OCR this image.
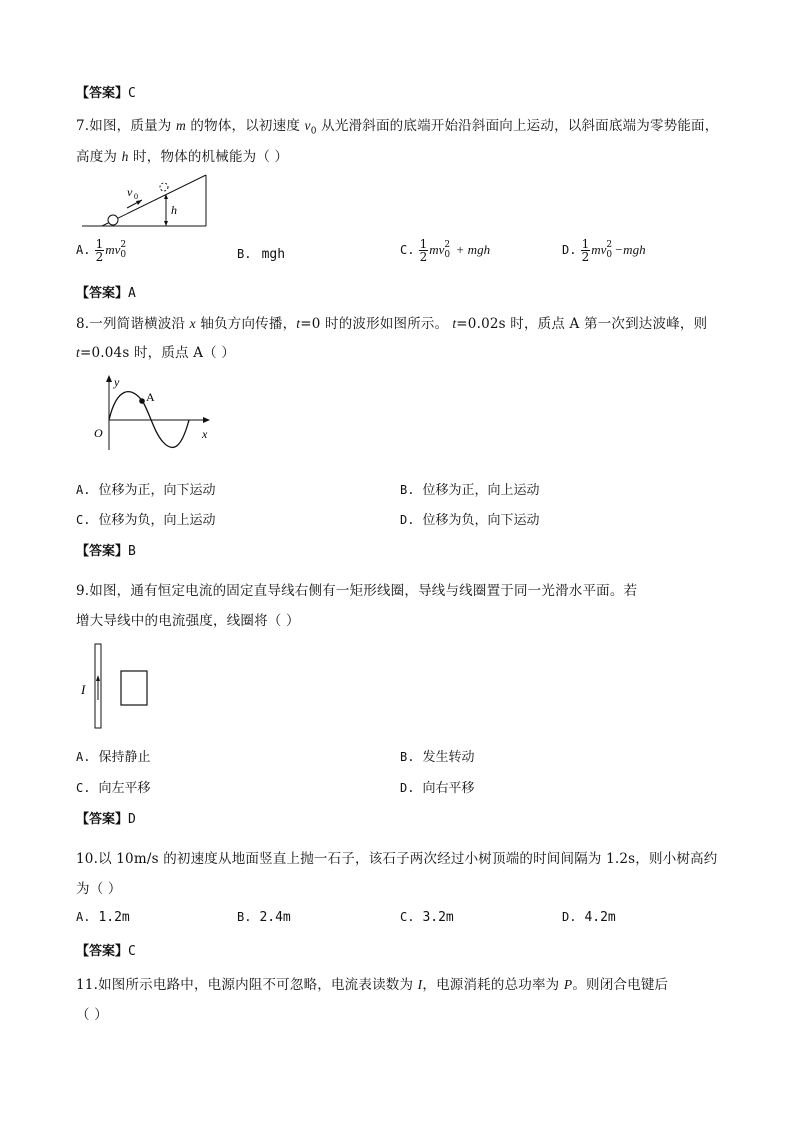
【答案】C
7.如图，质量为 m 的物体，以初速度 $v_0$ 从光滑斜面的底端开始沿斜面向上运动，以斜面底端为零势能面，
高度为 h 时，物体的机械能为（ ）
v 0
h
A. $\frac{1}{2}$ mv 2
0	B. mgh	C. $\frac{1}{2}$ mv 2
0 + mgh	D. $\frac{1}{2}$ mv 2
0 −mgh
【答案】A
8.一列简谐横波沿 x 轴负方向传播，t=0 时的波形如图所示。 t=0.02s 时，质点 A 第一次到达波峰，则
t=0.04s 时，质点 A（ ）
A
y
x
O
A. 位移为正，向下运动	B. 位移为正，向上运动
C. 位移为负，向上运动	D. 位移为负，向下运动
【答案】B
9.如图，通有恒定电流的固定直导线右侧有一矩形线圈，导线与线圈置于同一光滑水平面。若
增大导线中的电流强度，线圈将（ ）
I
A. 保持静止	B. 发生转动
C. 向左平移	D. 向右平移
【答案】D
10.以 10m/s 的初速度从地面竖直上抛一石子，该石子两次经过小树顶端的时间间隔为 1.2s，则小树高约
为（ ）
A. 1.2m	B. 2.4m	C. 3.2m	D. 4.2m
【答案】C
11.如图所示电路中，电源内阻不可忽略，电流表读数为 I，电源消耗的总功率为 P。则闭合电键后
（ ）
